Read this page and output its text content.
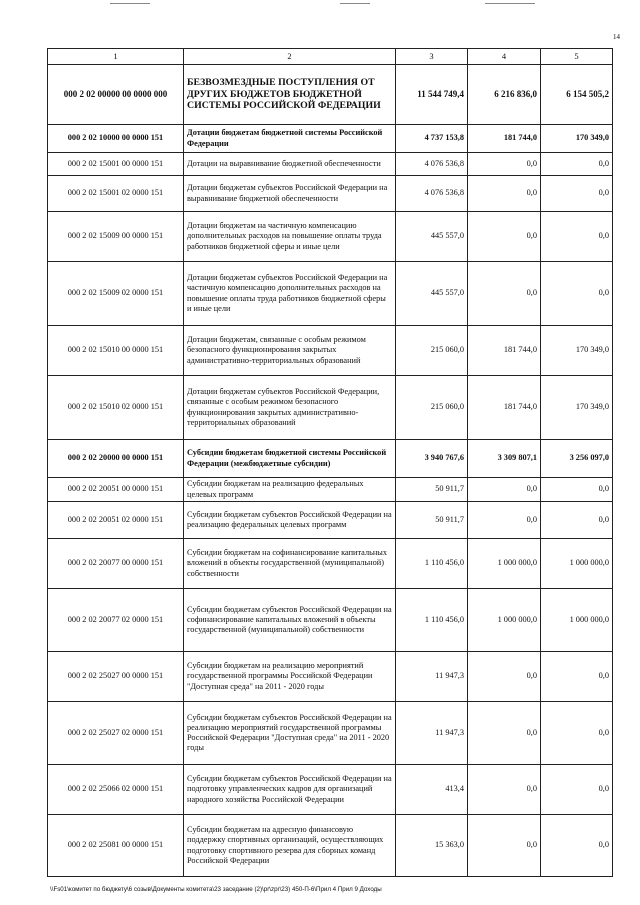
14
1	2	3	4	5
000 2 02 00000 00 0000 000	БЕЗВОЗМЕЗДНЫЕ ПОСТУПЛЕНИЯ ОТ ДРУГИХ БЮДЖЕТОВ БЮДЖЕТНОЙ СИСТЕМЫ РОССИЙСКОЙ ФЕДЕРАЦИИ	11 544 749,4	6 216 836,0	6 154 505,2
000 2 02 10000 00 0000 151	Дотации бюджетам бюджетной системы Российской Федерации	4 737 153,8	181 744,0	170 349,0
000 2 02 15001 00 0000 151	Дотации на выравнивание бюджетной обеспеченности	4 076 536,8	0,0	0,0
000 2 02 15001 02 0000 151	Дотации бюджетам субъектов Российской Федерации на выравнивание бюджетной обеспеченности	4 076 536,8	0,0	0,0
000 2 02 15009 00 0000 151	Дотации бюджетам на частичную компенсацию дополнительных расходов на повышение оплаты труда работников бюджетной сферы и иные цели	445 557,0	0,0	0,0
000 2 02 15009 02 0000 151	Дотации бюджетам субъектов Российской Федерации на частичную компенсацию дополнительных расходов на повышение оплаты труда работников бюджетной сферы и иные цели	445 557,0	0,0	0,0
000 2 02 15010 00 0000 151	Дотации бюджетам, связанные с особым режимом безопасного функционирования закрытых административно-территориальных образований	215 060,0	181 744,0	170 349,0
000 2 02 15010 02 0000 151	Дотации бюджетам субъектов Российской Федерации, связанные с особым режимом безопасного функционирования закрытых административно-территориальных образований	215 060,0	181 744,0	170 349,0
000 2 02 20000 00 0000 151	Субсидии бюджетам бюджетной системы Российской Федерации (межбюджетные субсидии)	3 940 767,6	3 309 807,1	3 256 097,0
000 2 02 20051 00 0000 151	Субсидии бюджетам на реализацию федеральных целевых программ	50 911,7	0,0	0,0
000 2 02 20051 02 0000 151	Субсидии бюджетам субъектов Российской Федерации на реализацию федеральных целевых программ	50 911,7	0,0	0,0
000 2 02 20077 00 0000 151	Субсидии бюджетам на софинансирование капитальных вложений в объекты государственной (муниципальной) собственности	1 110 456,0	1 000 000,0	1 000 000,0
000 2 02 20077 02 0000 151	Субсидии бюджетам субъектов Российской Федерации на софинансирование капитальных вложений в объекты государственной (муниципальной) собственности	1 110 456,0	1 000 000,0	1 000 000,0
000 2 02 25027 00 0000 151	Субсидии бюджетам на реализацию мероприятий государственной программы Российской Федерации "Доступная среда" на 2011 - 2020 годы	11 947,3	0,0	0,0
000 2 02 25027 02 0000 151	Субсидии бюджетам субъектов Российской Федерации на реализацию мероприятий государственной программы Российской Федерации "Доступная среда" на 2011 - 2020 годы	11 947,3	0,0	0,0
000 2 02 25066 02 0000 151	Субсидии бюджетам субъектов Российской Федерации на подготовку управленческих кадров для организаций народного хозяйства Российской Федерации	413,4	0,0	0,0
000 2 02 25081 00 0000 151	Субсидии бюджетам на адресную финансовую поддержку спортивных организаций, осуществляющих подготовку спортивного резерва для сборных команд Российской Федерации	15 363,0	0,0	0,0
\\Fs01\комитет по бюджету\6 созыв\Документы комитета\23 заседание (2)\pr\zpr\23) 450-П-6\Прил 4 Прил 9 Доходы
